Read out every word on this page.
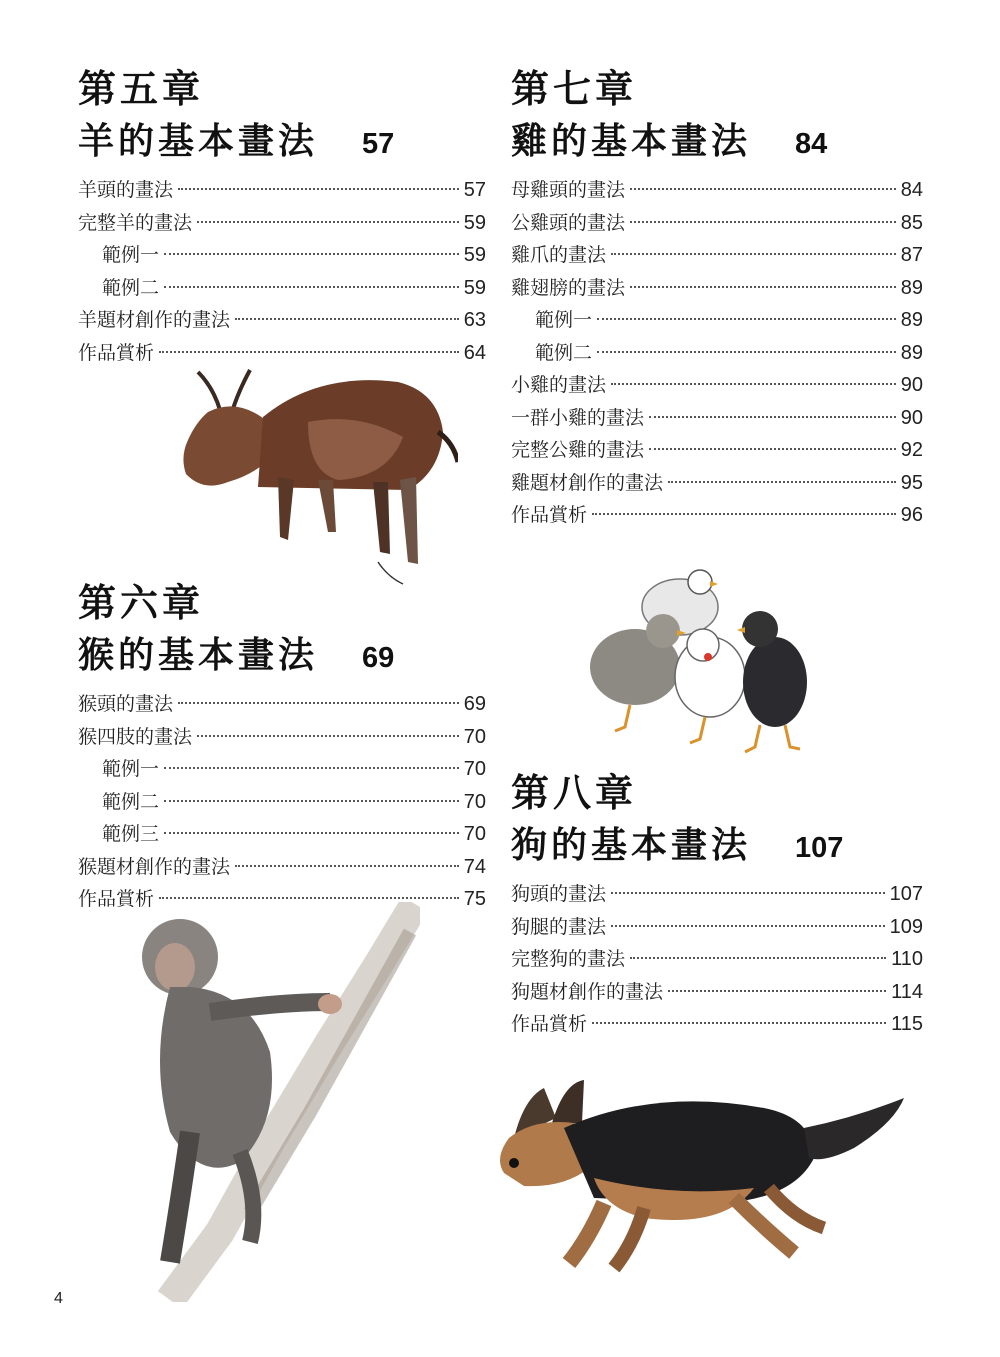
第五章
羊的基本畫法 57
羊頭的畫法	57
完整羊的畫法	59
範例一	59
範例二	59
羊題材創作的畫法	63
作品賞析	64
第六章
猴的基本畫法 69
猴頭的畫法	69
猴四肢的畫法	70
範例一	70
範例二	70
範例三	70
猴題材創作的畫法	74
作品賞析	75
第七章
雞的基本畫法 84
母雞頭的畫法	84
公雞頭的畫法	85
雞爪的畫法	87
雞翅膀的畫法	89
範例一	89
範例二	89
小雞的畫法	90
一群小雞的畫法	90
完整公雞的畫法	92
雞題材創作的畫法	95
作品賞析	96
第八章
狗的基本畫法 107
狗頭的畫法	107
狗腿的畫法	109
完整狗的畫法	110
狗題材創作的畫法	114
作品賞析	115
4
